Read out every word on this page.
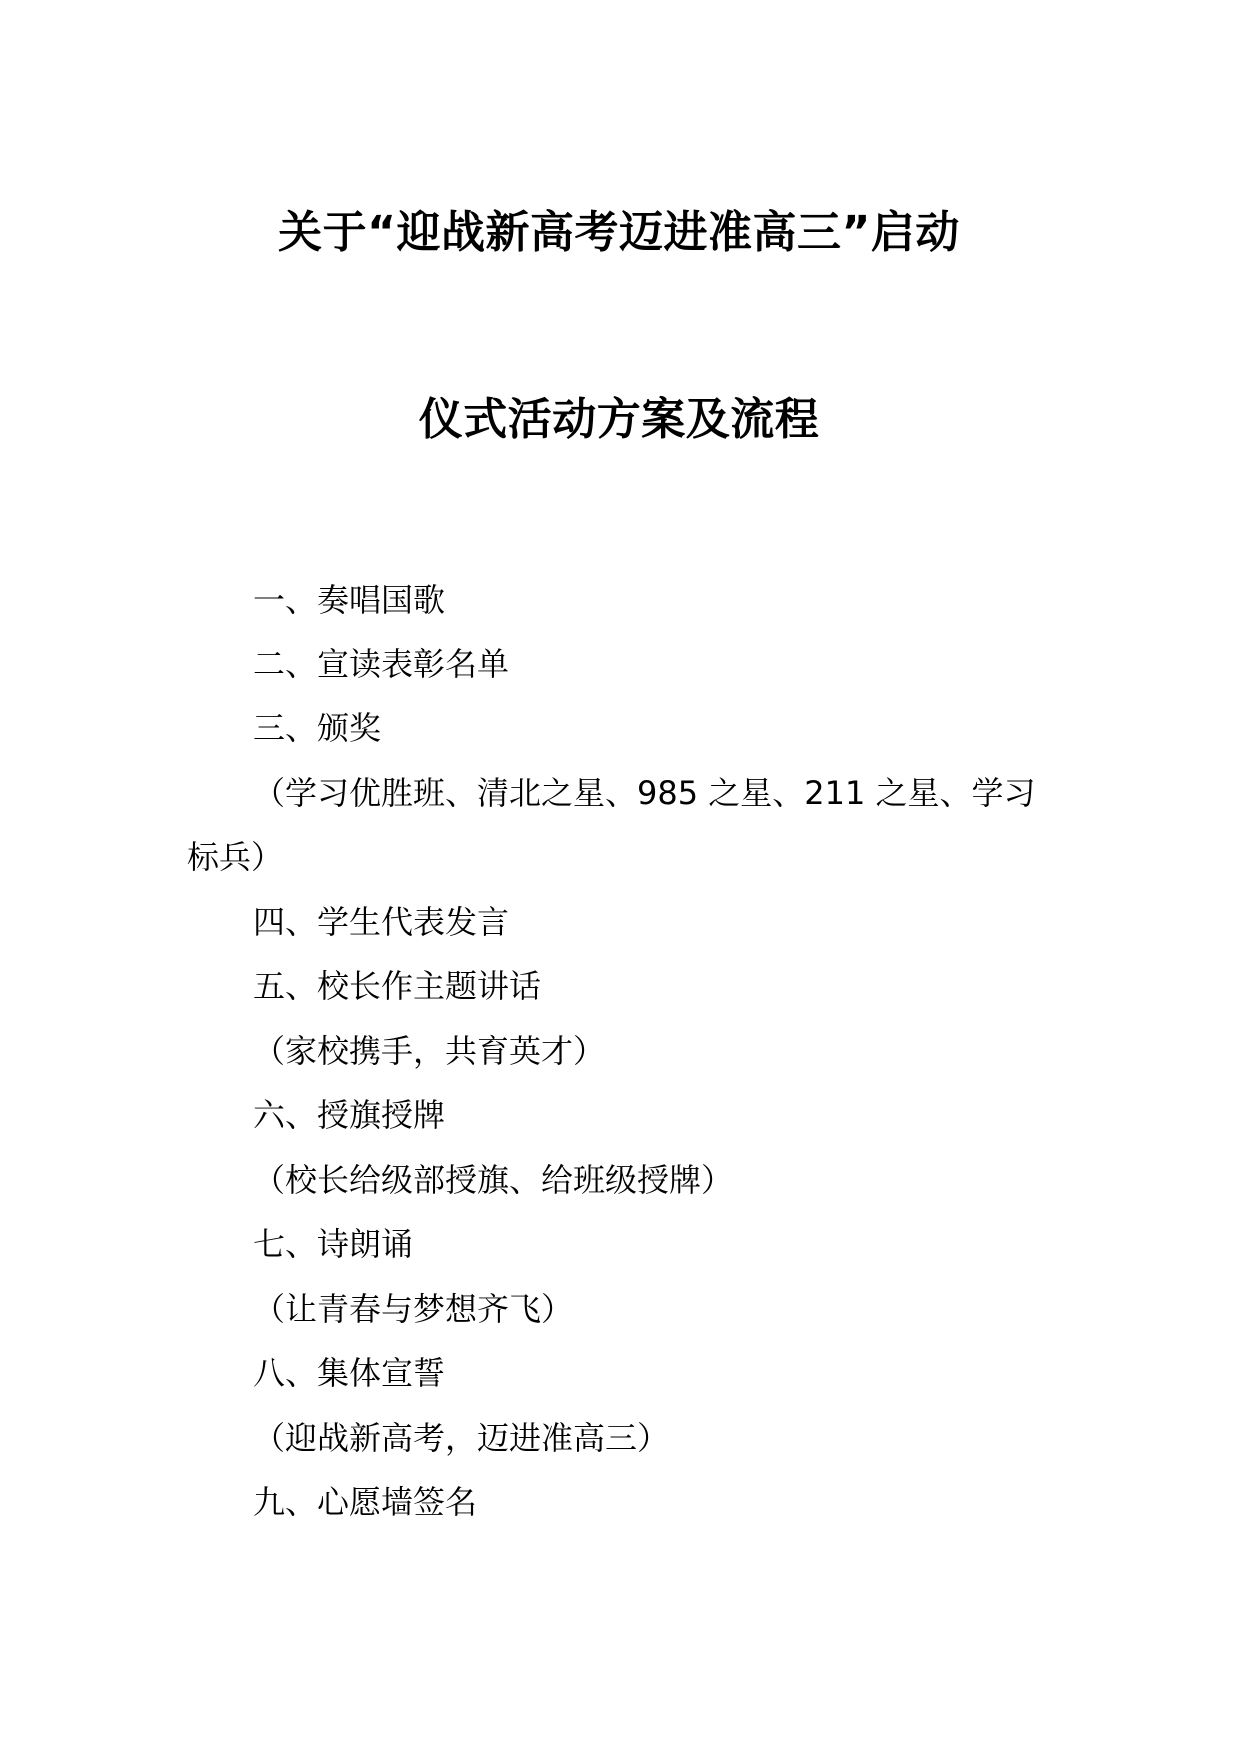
关于“迎战新高考迈进准高三”启动
仪式活动方案及流程
一、奏唱国歌
二、宣读表彰名单
三、颁奖
（学习优胜班、清北之星、985 之星、211 之星、学习
标兵）
四、学生代表发言
五、校长作主题讲话
（家校携手，共育英才）
六、授旗授牌
（校长给级部授旗、给班级授牌）
七、诗朗诵
（让青春与梦想齐飞）
八、集体宣誓
（迎战新高考，迈进准高三）
九、心愿墙签名
